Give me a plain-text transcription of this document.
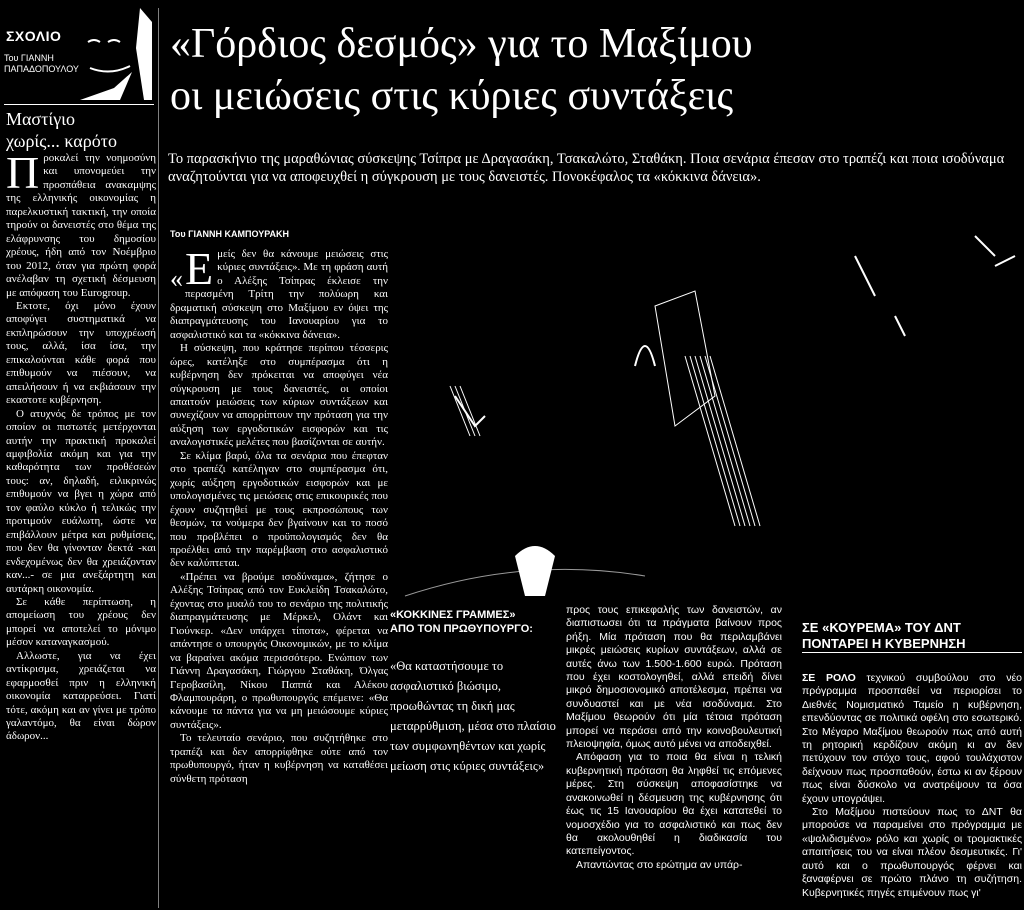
ΣΧΟΛΙΟ
Του ΓΙΑΝΝΗ
ΠΑΠΑΔΟΠΟΥΛΟΥ
Μαστίγιο
χωρίς... καρότο

Προκαλεί την νοημοσύνη και υπονομεύει την προσπάθεια ανακαμψης της ελληνικής οικονομίας η παρελκυστική τακτική, την οποία τηρούν οι δανειστές στο θέμα της ελάφρυνσης του δημοσίου χρέους, ήδη από τον Νοέμβριο του 2012, όταν για πρώτη φορά ανέλαβαν τη σχετική δέσμευση με απόφαση του Eurogroup.

Εκτοτε, όχι μόνο έχουν αποφύγει συστηματικά να εκπληρώσουν την υποχρέωσή τους, αλλά, ίσα ίσα, την επικαλούνται κάθε φορά που επιθυμούν να πιέσουν, να απειλήσουν ή να εκβιάσουν την εκαστοτε κυβέρνηση.

Ο ατυχνός δε τρόπος με τον οποίον οι πιστωτές μετέρχονται αυτήν την πρακτική προκαλεί αμφιβολία ακόμη και για την καθαρότητα των προθέσεών τους: αν, δηλαδή, ειλικρινώς επιθυμούν να βγει η χώρα από τον φαύλο κύκλο ή τελικώς την προτιμούν ευάλωτη, ώστε να επιβάλλουν μέτρα και ρυθμίσεις, που δεν θα γίνονταν δεκτά -και ενδεχομένως δεν θα χρειάζονταν καν...- σε μια ανεξάρτητη και αυτάρκη οικονομία.

Σε κάθε περίπτωση, η απομείωση του χρέους δεν μπορεί να αποτελεί το μόνιμο μέσον καταναγκασμού.

Αλλωστε, για να έχει αντίκρισμα, χρειάζεται να εφαρμοσθεί πριν η ελληνική οικονομία καταρρεύσει. Γιατί τότε, ακόμη και αν γίνει με τρόπο γαλαντόμο, θα είναι δώρον άδωρον...

«Γόρδιος δεσμός» για το Μαξίμου
οι μειώσεις στις κύριες συντάξεις
Το παρασκήνιο της μαραθώνιας σύσκεψης Τσίπρα με Δραγασάκη, Τσακαλώτο, Σταθάκη. Ποια σενάρια έπεσαν στο τραπέζι και ποια ισοδύναμα αναζητούνται για να αποφευχθεί η σύγκρουση με τους δανειστές. Πονοκέφαλος τα «κόκκινα δάνεια».
Του ΓΙΑΝΝΗ ΚΑΜΠΟΥΡΑΚΗ

« Ε μείς δεν θα κάνουμε μειώσεις στις κύριες συντάξεις». Με τη φράση αυτή ο Αλέξης Τσίπρας έκλεισε την περασμένη Τρίτη την πολύωρη και δραματική σύσκεψη στο Μαξίμου εν όψει της διαπραγμάτευσης του Ιανουαρίου για το ασφαλιστικό και τα «κόκκινα δάνεια».

Η σύσκεψη, που κράτησε περίπου τέσσερις ώρες, κατέληξε στο συμπέρασμα ότι η κυβέρνηση δεν πρόκειται να αποφύγει νέα σύγκρουση με τους δανειστές, οι οποίοι απαιτούν μειώσεις των κύριων συντάξεων και συνεχίζουν να απορρίπτουν την πρόταση για την αύξηση των εργοδοτικών εισφορών και τις αναλογιστικές μελέτες που βασίζονται σε αυτήν.

Σε κλίμα βαρύ, όλα τα σενάρια που έπεφταν στο τραπέζι κατέληγαν στο συμπέρασμα ότι, χωρίς αύξηση εργοδοτικών εισφορών και με υπολογισμένες τις μειώσεις στις επικουρικές που έχουν συζητηθεί με τους εκπροσώπους των θεσμών, τα νούμερα δεν βγαίνουν και το ποσό που προβλέπει ο προϋπολογισμός δεν θα προέλθει από την παρέμβαση στο ασφαλιστικό δεν καλύπτεται.

«Πρέπει να βρούμε ισοδύναμα», ζήτησε ο Αλέξης Τσίπρας από τον Ευκλείδη Τσακαλώτο, έχοντας στο μυαλό του το σενάριο της πολιτικής διαπραγμάτευσης με Μέρκελ, Ολάντ και Γιούνκερ. «Δεν υπάρχει τίποτα», φέρεται να απάντησε ο υπουργός Οικονομικών, με το κλίμα να βαραίνει ακόμα περισσότερο. Ενώπιον των Γιάννη Δραγασάκη, Γιώργου Σταθάκη, Όλγας Γεροβασίλη, Νίκου Παππά και Αλέκου Φλαμπουράρη, ο πρωθυπουργός επέμεινε: «Θα κάνουμε τα πάντα για να μη μειώσουμε κύριες συντάξεις».

Το τελευταίο σενάριο, που συζητήθηκε στο τραπέζι και δεν απορρίφθηκε ούτε από τον πρωθυπουργό, ήταν η κυβέρνηση να καταθέσει σύνθετη πρόταση

«ΚΟΚΚΙΝΕΣ ΓΡΑΜΜΕΣ»
ΑΠΟ ΤΟΝ ΠΡΩΘΥΠΟΥΡΓΟ:
«Θα καταστήσουμε το ασφαλιστικό βιώσιμο, προωθώντας τη δική μας μεταρρύθμιση, μέσα στο πλαίσιο των συμφωνηθέντων και χωρίς μείωση στις κύριες συντάξεις»

προς τους επικεφαλής των δανειστών, αν διαπιστωσει ότι τα πράγματα βαίνουν προς ρήξη. Μία πρόταση που θα περιλαμβάνει μικρές μειώσεις κυρίων συντάξεων, αλλά σε αυτές άνω των 1.500-1.600 ευρώ. Πρόταση που έχει κοστολογηθεί, αλλά επειδή δίνει μικρό δημοσιονομικό αποτέλεσμα, πρέπει να συνδυαστεί και με νέα ισοδύναμα. Στο Μαξίμου θεωρούν ότι μία τέτοια πρόταση μπορεί να περάσει από την κοινοβουλευτική πλειοψηφία, όμως αυτό μένει να αποδειχθεί.

Απόφαση για το ποια θα είναι η τελική κυβερνητική πρόταση θα ληφθεί τις επόμενες μέρες. Στη σύσκεψη αποφασίστηκε να ανακοινωθεί η δέσμευση της κυβέρνησης ότι έως τις 15 Ιανουαρίου θα έχει κατατεθεί το νομοσχέδιο για το ασφαλιστικό και πως δεν θα ακολουθηθεί η διαδικασία του κατεπείγοντος.

Απαντώντας στο ερώτημα αν υπάρ-

ΣΕ «ΚΟΥΡΕΜΑ» ΤΟΥ ΔΝΤ
ΠΟΝΤΑΡΕΙ Η ΚΥΒΕΡΝΗΣΗ

ΣΕ ΡΟΛΟ τεχνικού συμβούλου στο νέο πρόγραμμα προσπαθεί να περιορίσει το Διεθνές Νομισματικό Ταμείο η κυβέρνηση, επενδύοντας σε πολιτικά οφέλη στο εσωτερικό. Στο Μέγαρο Μαξίμου θεωρούν πως από αυτή τη ρητορική κερδίζουν ακόμη κι αν δεν πετύχουν τον στόχο τους, αφού τουλάχιστον δείχνουν πως προσπαθούν, έστω κι αν ξέρουν πως είναι δύσκολο να ανατρέψουν τα όσα έχουν υπογράψει.

Στο Μαξίμου πιστεύουν πως το ΔΝΤ θα μπορούσε να παραμείνει στο πρόγραμμα με «ψαλιδισμένο» ρόλο και χωρίς οι τρομακτικές απαιτήσεις του να είναι πλέον δεσμευτικές. Γι' αυτό και ο πρωθυπουργός φέρνει και ξαναφέρνει σε πρώτο πλάνο τη συζήτηση. Κυβερνητικές πηγές επιμένουν πως γι'
